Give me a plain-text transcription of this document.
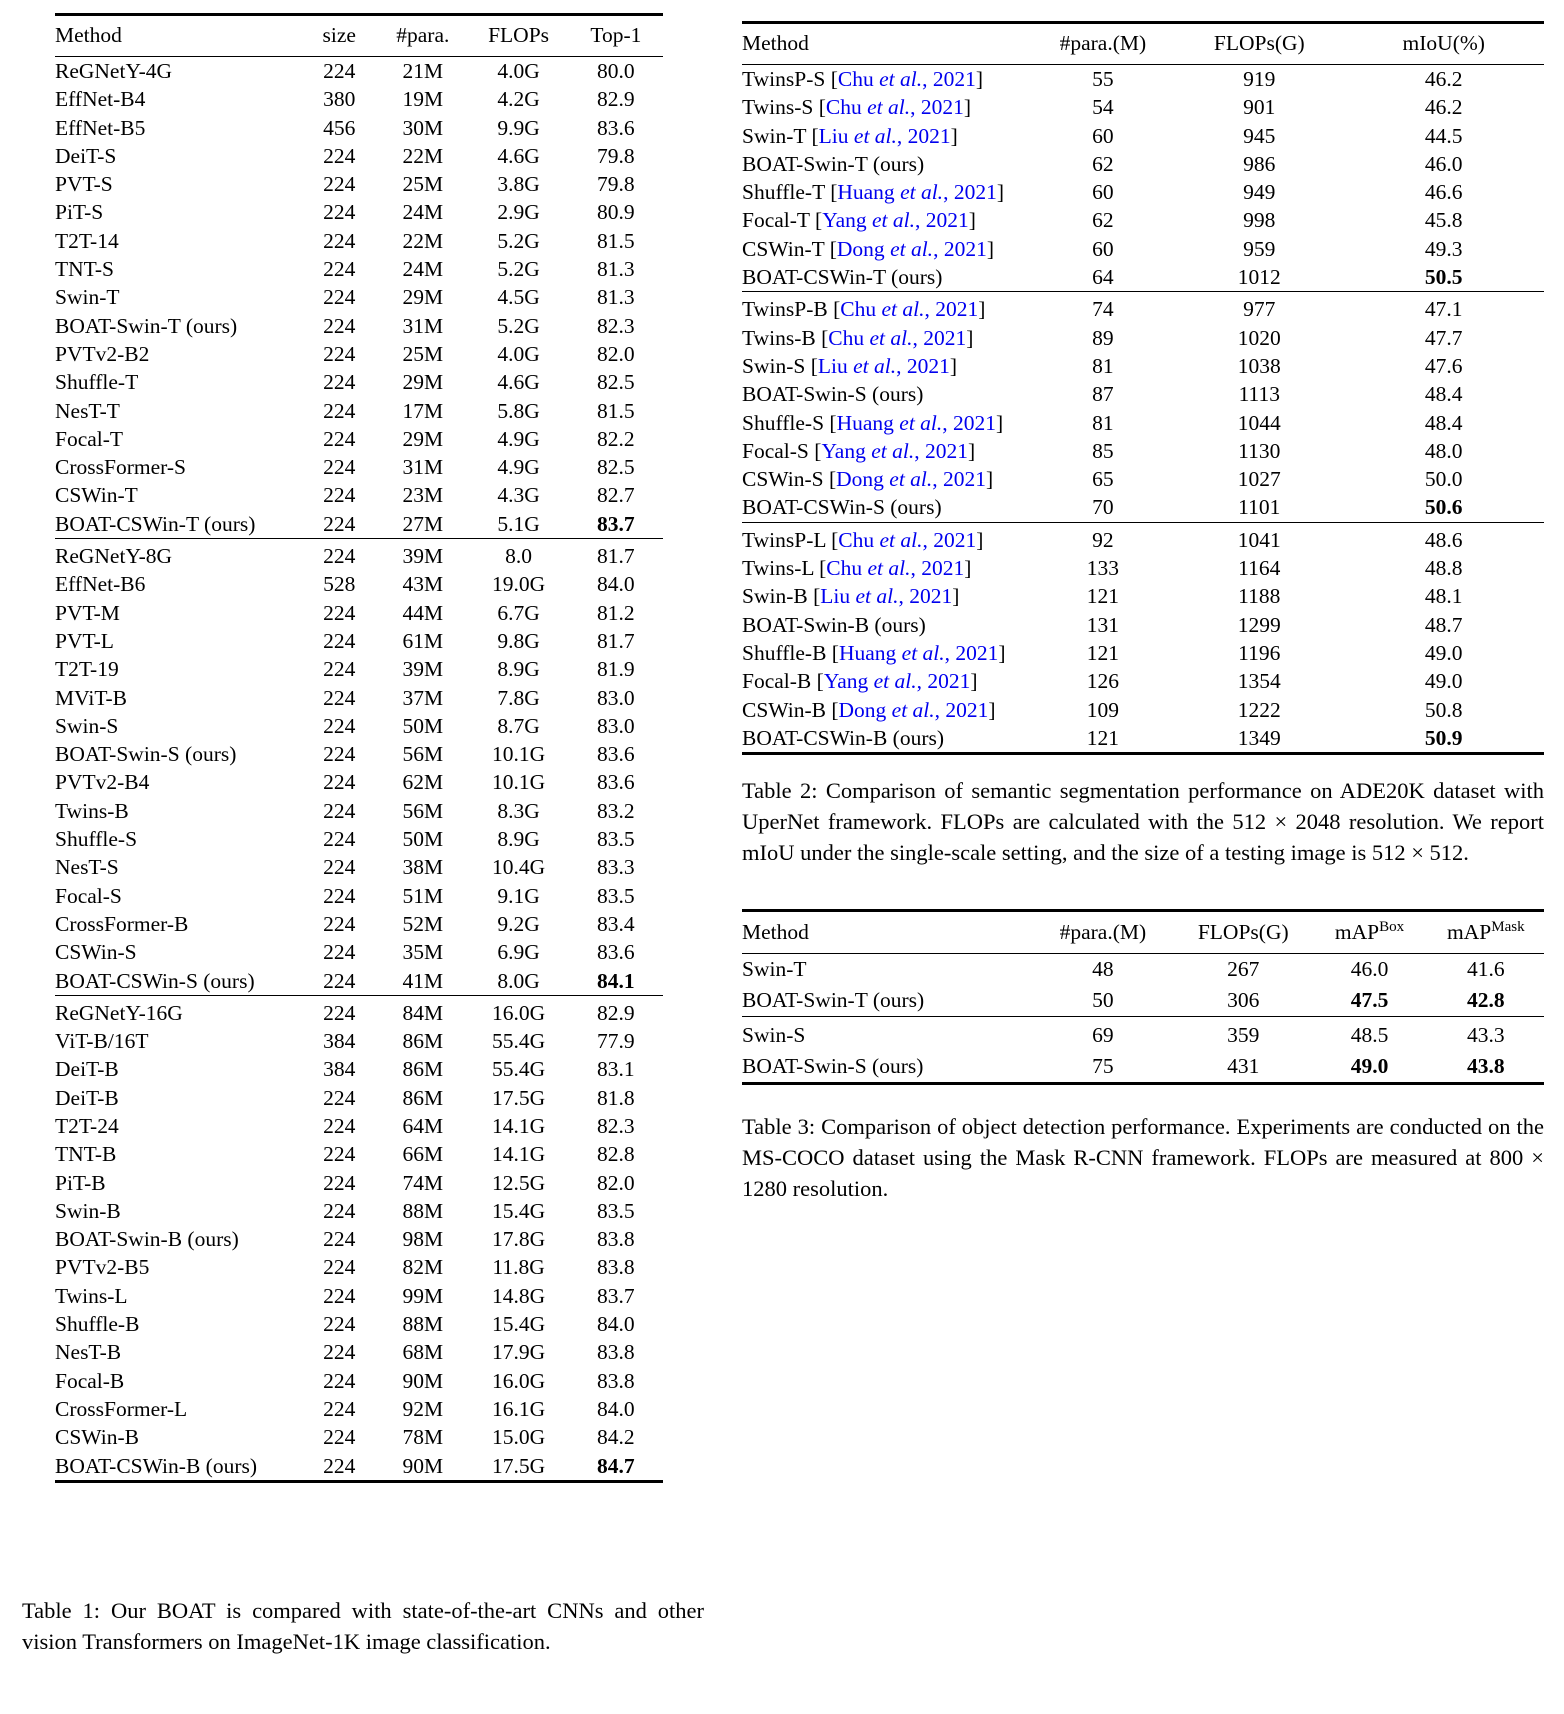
Method	size	#para.	FLOPs	Top-1
ReGNetY-4G	224	21M	4.0G	80.0
EffNet-B4	380	19M	4.2G	82.9
EffNet-B5	456	30M	9.9G	83.6
DeiT-S	224	22M	4.6G	79.8
PVT-S	224	25M	3.8G	79.8
PiT-S	224	24M	2.9G	80.9
T2T-14	224	22M	5.2G	81.5
TNT-S	224	24M	5.2G	81.3
Swin-T	224	29M	4.5G	81.3
BOAT-Swin-T (ours)	224	31M	5.2G	82.3
PVTv2-B2	224	25M	4.0G	82.0
Shuffle-T	224	29M	4.6G	82.5
NesT-T	224	17M	5.8G	81.5
Focal-T	224	29M	4.9G	82.2
CrossFormer-S	224	31M	4.9G	82.5
CSWin-T	224	23M	4.3G	82.7
BOAT-CSWin-T (ours)	224	27M	5.1G	83.7
ReGNetY-8G	224	39M	8.0	81.7
EffNet-B6	528	43M	19.0G	84.0
PVT-M	224	44M	6.7G	81.2
PVT-L	224	61M	9.8G	81.7
T2T-19	224	39M	8.9G	81.9
MViT-B	224	37M	7.8G	83.0
Swin-S	224	50M	8.7G	83.0
BOAT-Swin-S (ours)	224	56M	10.1G	83.6
PVTv2-B4	224	62M	10.1G	83.6
Twins-B	224	56M	8.3G	83.2
Shuffle-S	224	50M	8.9G	83.5
NesT-S	224	38M	10.4G	83.3
Focal-S	224	51M	9.1G	83.5
CrossFormer-B	224	52M	9.2G	83.4
CSWin-S	224	35M	6.9G	83.6
BOAT-CSWin-S (ours)	224	41M	8.0G	84.1
ReGNetY-16G	224	84M	16.0G	82.9
ViT-B/16T	384	86M	55.4G	77.9
DeiT-B	384	86M	55.4G	83.1
DeiT-B	224	86M	17.5G	81.8
T2T-24	224	64M	14.1G	82.3
TNT-B	224	66M	14.1G	82.8
PiT-B	224	74M	12.5G	82.0
Swin-B	224	88M	15.4G	83.5
BOAT-Swin-B (ours)	224	98M	17.8G	83.8
PVTv2-B5	224	82M	11.8G	83.8
Twins-L	224	99M	14.8G	83.7
Shuffle-B	224	88M	15.4G	84.0
NesT-B	224	68M	17.9G	83.8
Focal-B	224	90M	16.0G	83.8
CrossFormer-L	224	92M	16.1G	84.0
CSWin-B	224	78M	15.0G	84.2
BOAT-CSWin-B (ours)	224	90M	17.5G	84.7

Table 1: Our BOAT is compared with state-of-the-art CNNs and other vision Transformers on ImageNet-1K image classification.

Method	#para.(M)	FLOPs(G)	mIoU(%)
TwinsP-S [Chu et al., 2021]	55	919	46.2
Twins-S [Chu et al., 2021]	54	901	46.2
Swin-T [Liu et al., 2021]	60	945	44.5
BOAT-Swin-T (ours)	62	986	46.0
Shuffle-T [Huang et al., 2021]	60	949	46.6
Focal-T [Yang et al., 2021]	62	998	45.8
CSWin-T [Dong et al., 2021]	60	959	49.3
BOAT-CSWin-T (ours)	64	1012	50.5
TwinsP-B [Chu et al., 2021]	74	977	47.1
Twins-B [Chu et al., 2021]	89	1020	47.7
Swin-S [Liu et al., 2021]	81	1038	47.6
BOAT-Swin-S (ours)	87	1113	48.4
Shuffle-S [Huang et al., 2021]	81	1044	48.4
Focal-S [Yang et al., 2021]	85	1130	48.0
CSWin-S [Dong et al., 2021]	65	1027	50.0
BOAT-CSWin-S (ours)	70	1101	50.6
TwinsP-L [Chu et al., 2021]	92	1041	48.6
Twins-L [Chu et al., 2021]	133	1164	48.8
Swin-B [Liu et al., 2021]	121	1188	48.1
BOAT-Swin-B (ours)	131	1299	48.7
Shuffle-B [Huang et al., 2021]	121	1196	49.0
Focal-B [Yang et al., 2021]	126	1354	49.0
CSWin-B [Dong et al., 2021]	109	1222	50.8
BOAT-CSWin-B (ours)	121	1349	50.9

Table 2: Comparison of semantic segmentation performance on ADE20K dataset with UperNet framework. FLOPs are calculated with the 512 × 2048 resolution. We report mIoU under the single-scale setting, and the size of a testing image is 512 × 512.

Method	#para.(M)	FLOPs(G)	mAP$^{Box}$	mAP$^{Mask}$
Swin-T	48	267	46.0	41.6
BOAT-Swin-T (ours)	50	306	47.5	42.8
Swin-S	69	359	48.5	43.3
BOAT-Swin-S (ours)	75	431	49.0	43.8

Table 3: Comparison of object detection performance. Experiments are conducted on the MS-COCO dataset using the Mask R-CNN framework. FLOPs are measured at 800 × 1280 resolution.
